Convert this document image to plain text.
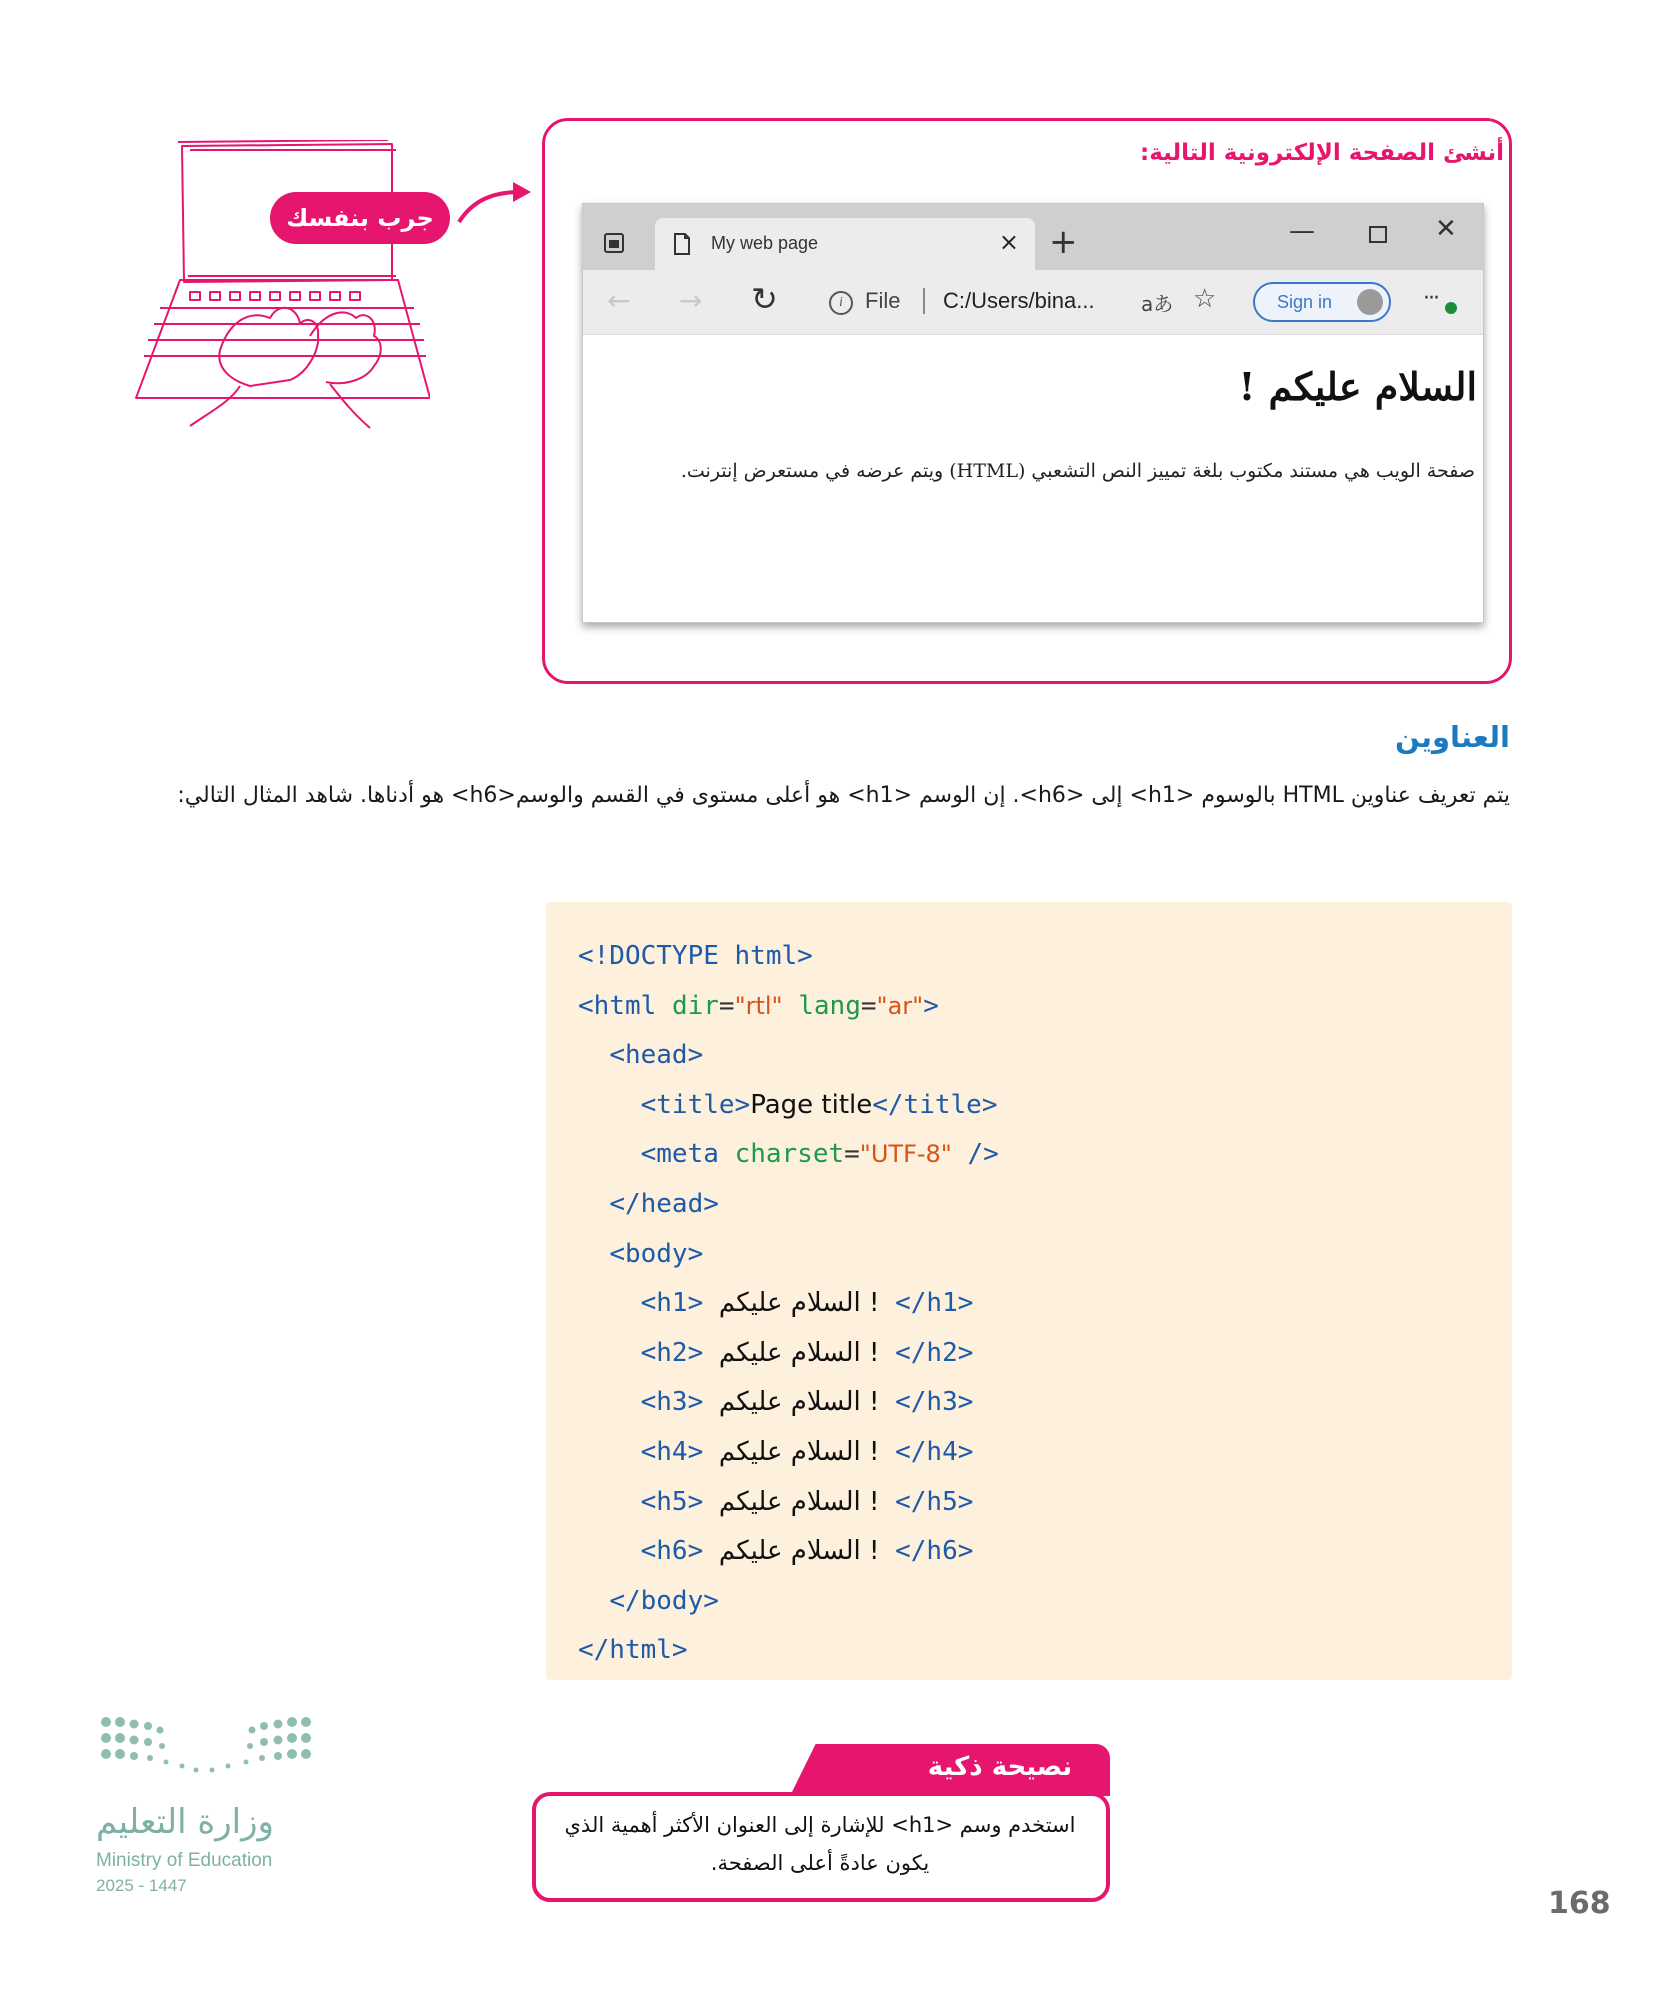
جرب بنفسك
أنشئ الصفحة الإلكترونية التالية:
My web page	× +	—	✕
← → ↻	i	File C:/Users/bina... aあ ☆	Sign in	···
السلام عليكم !
صفحة الويب هي مستند مكتوب بلغة تمييز النص التشعبي (HTML) ويتم عرضه في مستعرض إنترنت.
العناوين
يتم تعريف عناوين HTML بالوسوم <h1> إلى <h6>. إن الوسم <h1> هو أعلى مستوى في القسم والوسم<h6> هو أدناها. شاهد المثال التالي:
<!DOCTYPE html>
<html dir="rtl" lang="ar">
<head>
<title>Page title</title>
<meta charset="UTF-8" />
</head>
<body>
<h1> السلام عليكم ! </h1>
<h2> السلام عليكم ! </h2>
<h3> السلام عليكم ! </h3>
<h4> السلام عليكم ! </h4>
<h5> السلام عليكم ! </h5>
<h6> السلام عليكم ! </h6>
</body>
</html>
نصيحة ذكية
استخدم وسم <h1> للإشارة إلى العنوان الأكثر أهمية الذي يكون عادةً أعلى الصفحة.
وزارة التعليم
Ministry of Education
2025 - 1447
168
